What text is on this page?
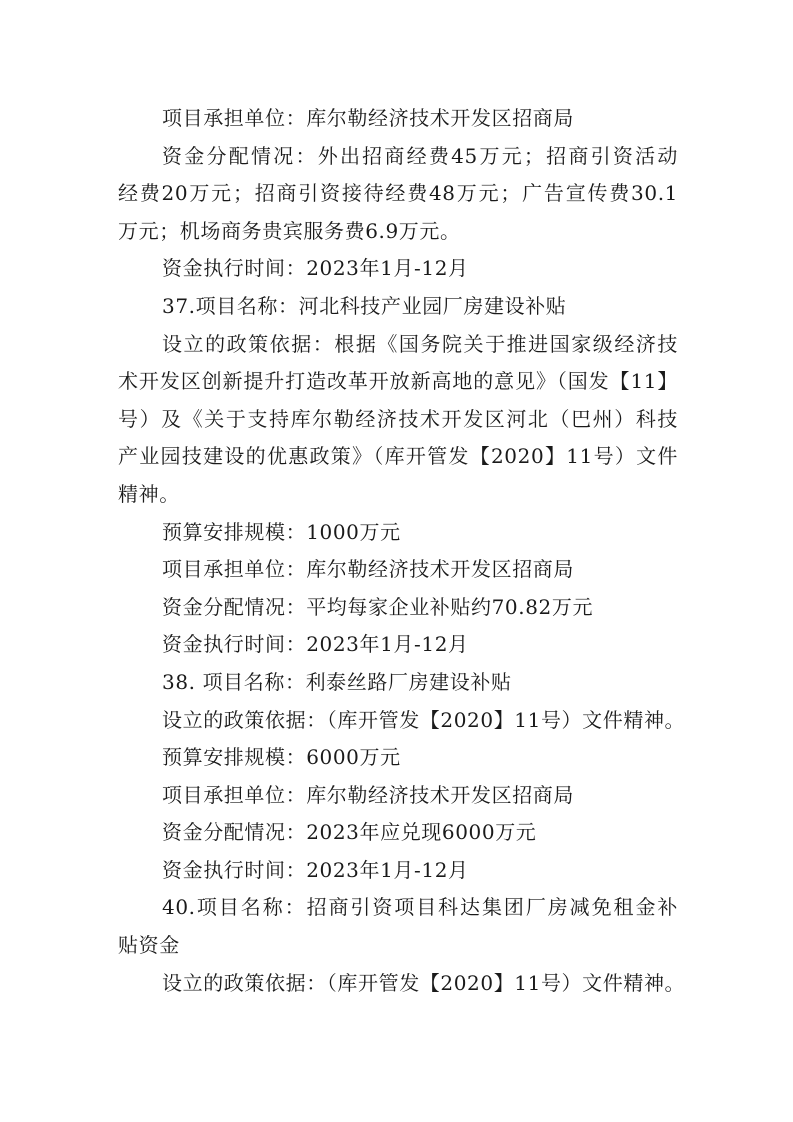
项目承担单位：库尔勒经济技术开发区招商局
资金分配情况：外出招商经费45万元；招商引资活动
经费20万元；招商引资接待经费48万元；广告宣传费30.1
万元；机场商务贵宾服务费6.9万元。
资金执行时间：2023年1月-12月
37.项目名称：河北科技产业园厂房建设补贴
设立的政策依据：根据《国务院关于推进国家级经济技
术开发区创新提升打造改革开放新高地的意见》（国发【11】
号）及《关于支持库尔勒经济技术开发区河北（巴州）科技
产业园技建设的优惠政策》（库开管发【2020】11号）文件
精神。
预算安排规模：1000万元
项目承担单位：库尔勒经济技术开发区招商局
资金分配情况：平均每家企业补贴约70.82万元
资金执行时间：2023年1月-12月
38. 项目名称：利泰丝路厂房建设补贴
设立的政策依据：（库开管发【2020】11号）文件精神。
预算安排规模：6000万元
项目承担单位：库尔勒经济技术开发区招商局
资金分配情况：2023年应兑现6000万元
资金执行时间：2023年1月-12月
40.项目名称：招商引资项目科达集团厂房减免租金补
贴资金
设立的政策依据：（库开管发【2020】11号）文件精神。
